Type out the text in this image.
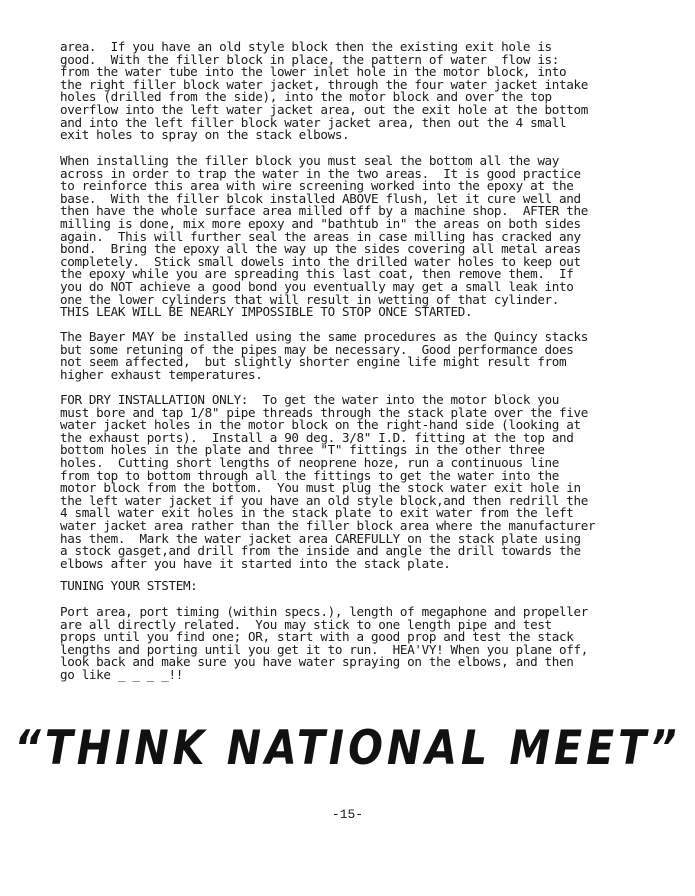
area.  If you have an old style block then the existing exit hole is
good.  With the filler block in place, the pattern of water  flow is:
from the water tube into the lower inlet hole in the motor block, into
the right filler block water jacket, through the four water jacket intake
holes (drilled from the side), into the motor block and over the top
overflow into the left water jacket area, out the exit hole at the bottom
and into the left filler block water jacket area, then out the 4 small
exit holes to spray on the stack elbows.
When installing the filler block you must seal the bottom all the way
across in order to trap the water in the two areas.  It is good practice
to reinforce this area with wire screening worked into the epoxy at the
base.  With the filler blcok installed ABOVE flush, let it cure well and
then have the whole surface area milled off by a machine shop.  AFTER the
milling is done, mix more epoxy and "bathtub in" the areas on both sides
again.  This will further seal the areas in case milling has cracked any
bond.  Bring the epoxy all the way up the sides covering all metal areas
completely.  Stick small dowels into the drilled water holes to keep out
the epoxy while you are spreading this last coat, then remove them.  If
you do NOT achieve a good bond you eventually may get a small leak into
one the lower cylinders that will result in wetting of that cylinder.
THIS LEAK WILL BE NEARLY IMPOSSIBLE TO STOP ONCE STARTED.
The Bayer MAY be installed using the same procedures as the Quincy stacks
but some retuning of the pipes may be necessary.  Good performance does
not seem affected,  but slightly shorter engine life might result from
higher exhaust temperatures.
FOR DRY INSTALLATION ONLY:  To get the water into the motor block you
must bore and tap 1/8" pipe threads through the stack plate over the five
water jacket holes in the motor block on the right-hand side (looking at
the exhaust ports).  Install a 90 deg. 3/8" I.D. fitting at the top and
bottom holes in the plate and three "T" fittings in the other three
holes.  Cutting short lengths of neoprene hoze, run a continuous line
from top to bottom through all the fittings to get the water into the
motor block from the bottom.  You must plug the stock water exit hole in
the left water jacket if you have an old style block,and then redrill the
4 small water exit holes in the stack plate to exit water from the left
water jacket area rather than the filler block area where the manufacturer
has them.  Mark the water jacket area CAREFULLY on the stack plate using
a stock gasget,and drill from the inside and angle the drill towards the
elbows after you have it started into the stack plate.
TUNING YOUR STSTEM:
Port area, port timing (within specs.), length of megaphone and propeller
are all directly related.  You may stick to one length pipe and test
props until you find one; OR, start with a good prop and test the stack
lengths and porting until you get it to run.  HEA'VY! When you plane off,
look back and make sure you have water spraying on the elbows, and then
go like _ _ _ _!!
“THINK NATIONAL MEET”
-15-
